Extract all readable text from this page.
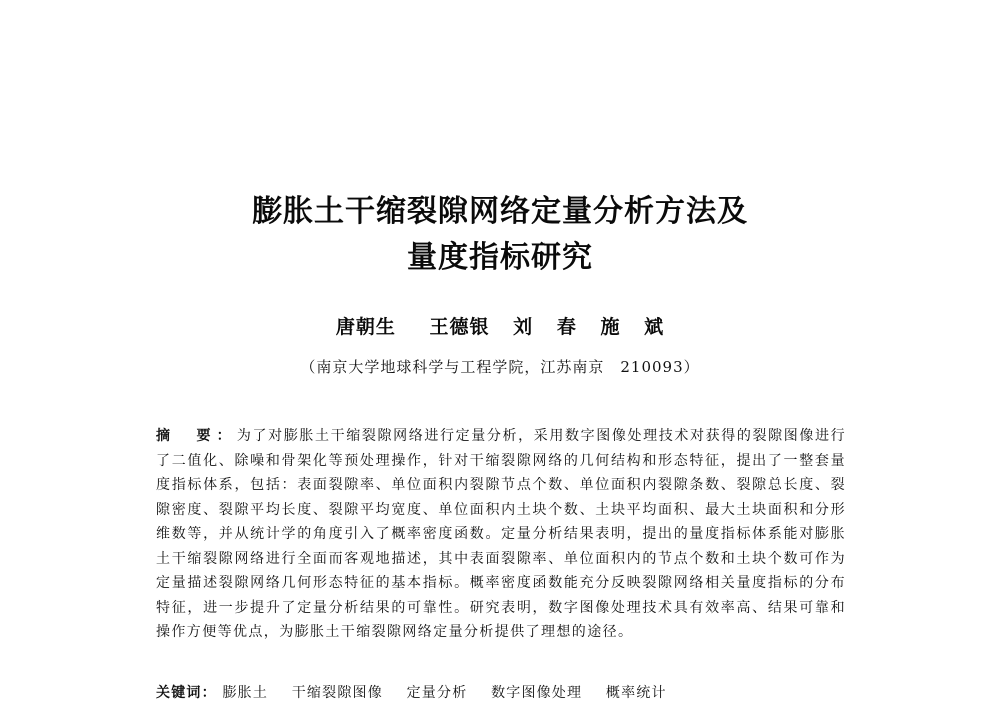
膨胀土干缩裂隙网络定量分析方法及
量度指标研究
唐朝生 王德银 刘 春 施 斌
（南京大学地球科学与工程学院，江苏南京　210093）
摘　要：为了对膨胀土干缩裂隙网络进行定量分析，采用数字图像处理技术对获得的裂隙图像进行了二值化、除噪和骨架化等预处理操作，针对干缩裂隙网络的几何结构和形态特征，提出了一整套量度指标体系，包括：表面裂隙率、单位面积内裂隙节点个数、单位面积内裂隙条数、裂隙总长度、裂隙密度、裂隙平均长度、裂隙平均宽度、单位面积内土块个数、土块平均面积、最大土块面积和分形维数等，并从统计学的角度引入了概率密度函数。定量分析结果表明，提出的量度指标体系能对膨胀土干缩裂隙网络进行全面而客观地描述，其中表面裂隙率、单位面积内的节点个数和土块个数可作为定量描述裂隙网络几何形态特征的基本指标。概率密度函数能充分反映裂隙网络相关量度指标的分布特征，进一步提升了定量分析结果的可靠性。研究表明，数字图像处理技术具有效率高、结果可靠和操作方便等优点，为膨胀土干缩裂隙网络定量分析提供了理想的途径。
关键词： 膨胀土 干缩裂隙图像 定量分析 数字图像处理 概率统计
